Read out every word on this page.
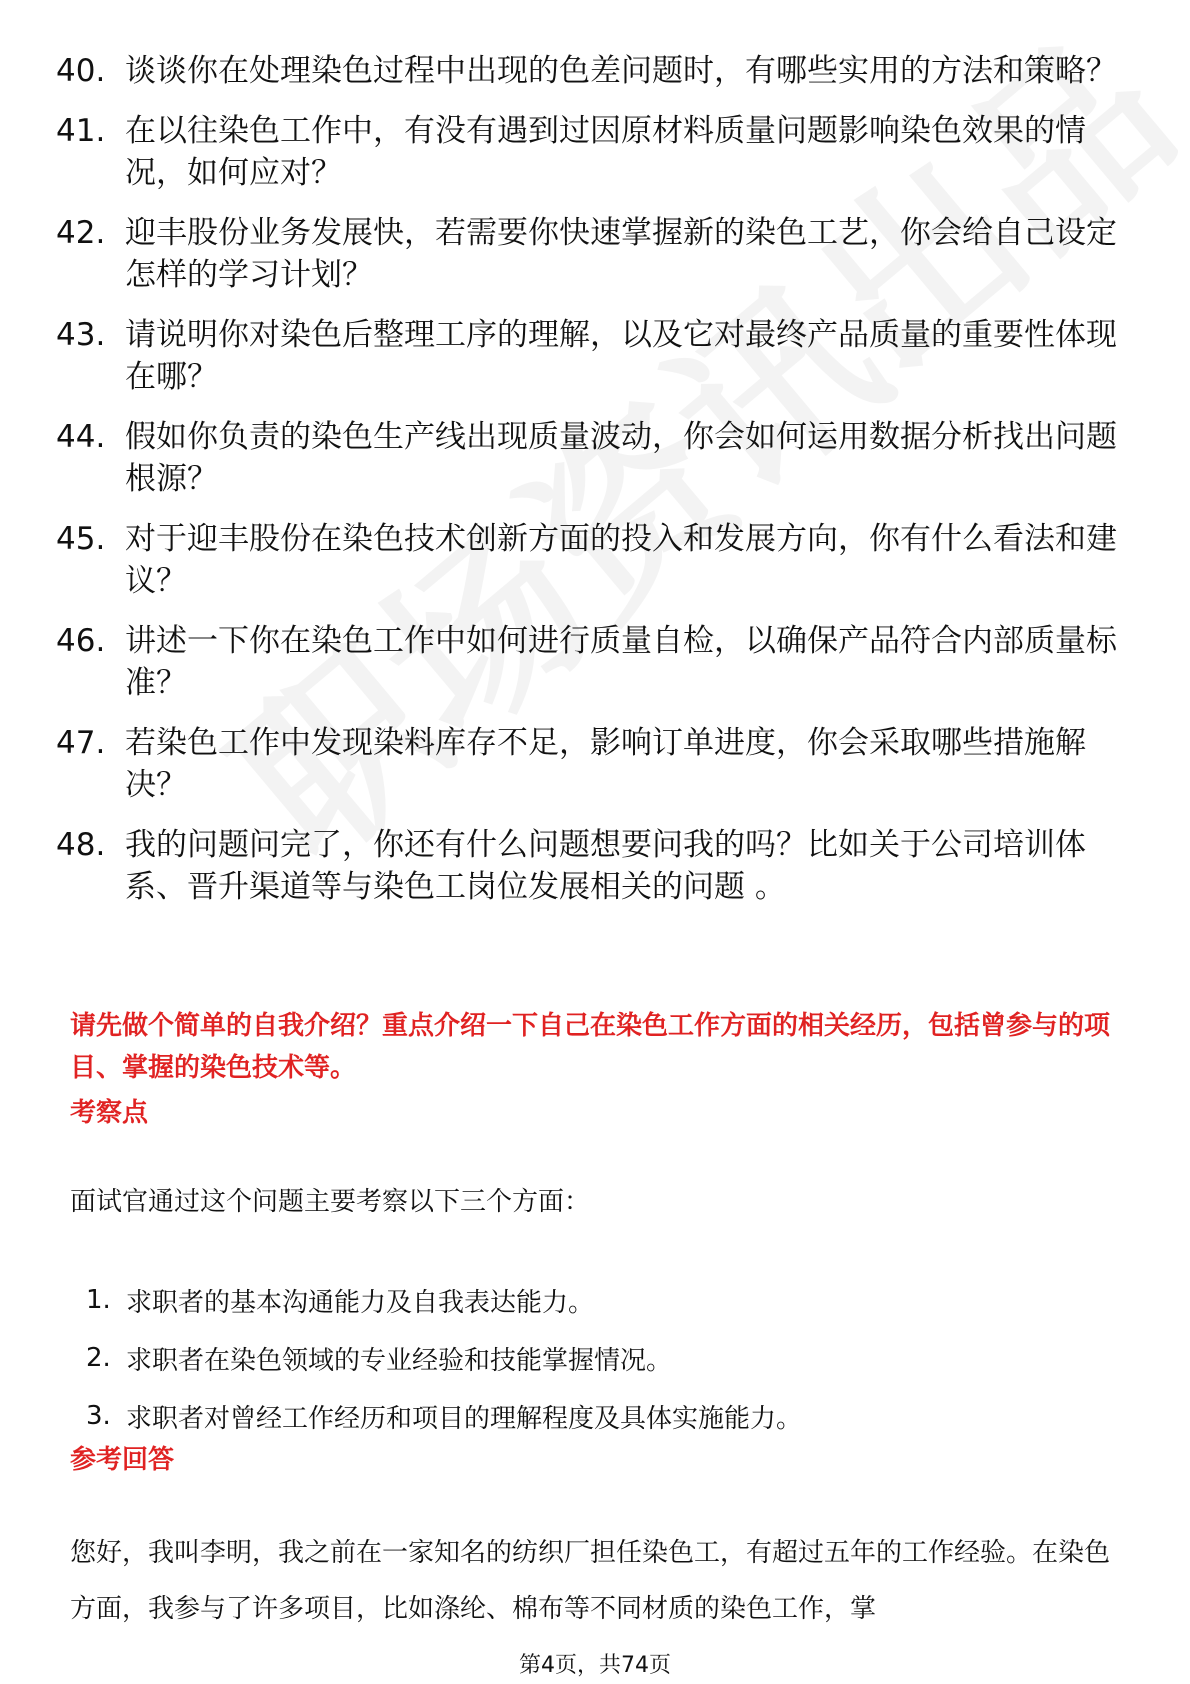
40. 谈谈你在处理染色过程中出现的色差问题时，有哪些实用的方法和策略？
41. 在以往染色工作中，有没有遇到过因原材料质量问题影响染色效果的情况，如何应对？
42. 迎丰股份业务发展快，若需要你快速掌握新的染色工艺，你会给自己设定怎样的学习计划？
43. 请说明你对染色后整理工序的理解，以及它对最终产品质量的重要性体现在哪？
44. 假如你负责的染色生产线出现质量波动，你会如何运用数据分析找出问题根源？
45. 对于迎丰股份在染色技术创新方面的投入和发展方向，你有什么看法和建议？
46. 讲述一下你在染色工作中如何进行质量自检，以确保产品符合内部质量标准？
47. 若染色工作中发现染料库存不足，影响订单进度，你会采取哪些措施解决？
48. 我的问题问完了，你还有什么问题想要问我的吗？比如关于公司培训体系、晋升渠道等与染色工岗位发展相关的问题 。
请先做个简单的自我介绍？重点介绍一下自己在染色工作方面的相关经历，包括曾参与的项目、掌握的染色技术等。
考察点
面试官通过这个问题主要考察以下三个方面：
1. 求职者的基本沟通能力及自我表达能力。
2. 求职者在染色领域的专业经验和技能掌握情况。
3. 求职者对曾经工作经历和项目的理解程度及具体实施能力。
参考回答
您好，我叫李明，我之前在一家知名的纺织厂担任染色工，有超过五年的工作经验。在染色方面，我参与了许多项目，比如涤纶、棉布等不同材质的染色工作，掌
第4页，共74页
